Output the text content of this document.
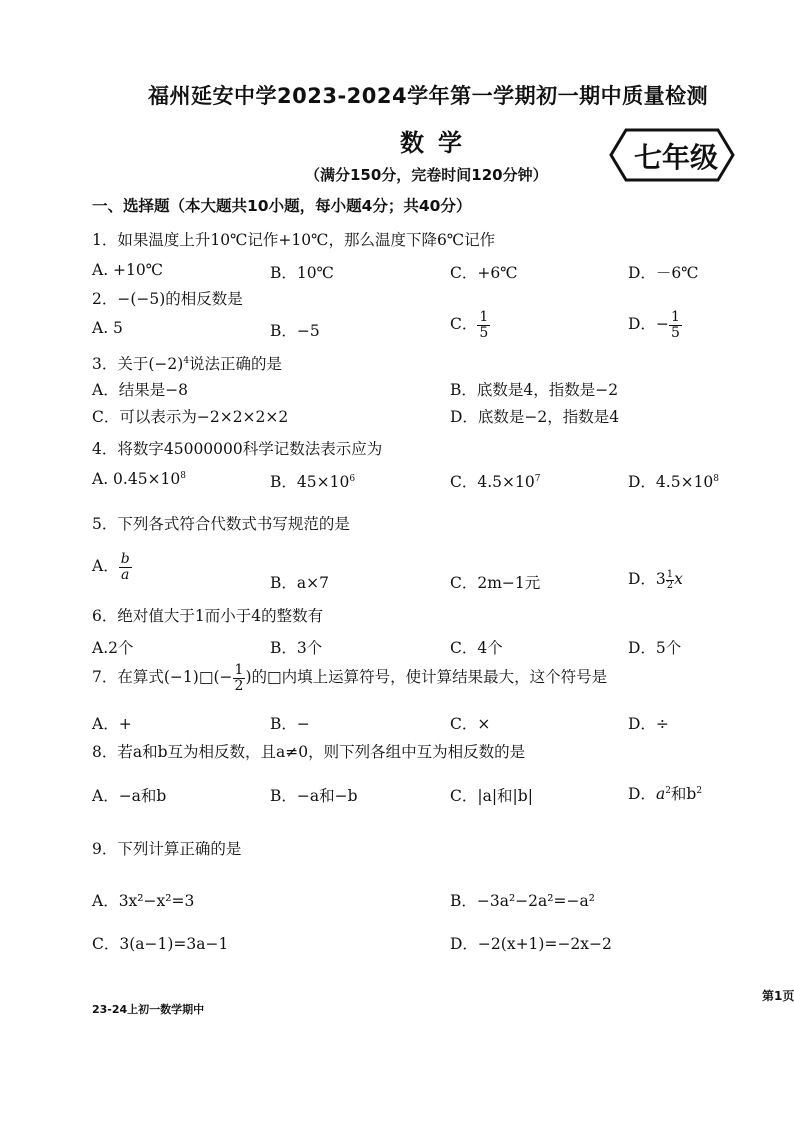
福州延安中学2023-2024学年第一学期初一期中质量检测
数学
（满分150分，完卷时间120分钟）
七年级
一、选择题（本大题共10小题，每小题4分；共40分）
1．如果温度上升10℃记作+10℃，那么温度下降6℃记作
A. +10℃	B．10℃	C．+6℃	D．－6℃
2．−(−5)的相反数是
A. 5	B．−5	C． $\frac{1}{5}$	D．− $\frac{1}{5}$
3．关于$(-2)^4$说法正确的是
A．结果是−8	B．底数是4，指数是−2
C．可以表示为−2×2×2×2	D．底数是−2，指数是4
4．将数字45000000科学记数法表示应为
A. $0.45\times 10^8$	B．$45\times 10^6$	C．$4.5\times 10^7$	D．$4.5\times 10^8$
5．下列各式符合代数式书写规范的是
A． $\frac{b}{a}$
B．a×7	C．2m−1元	D．$3 \frac{1}{2}$ x
6．绝对值大于1而小于4的整数有
A.2个	B．3个	C．4个	D．5个
7．在算式(−1)□(− $\frac{1}{2}$ )的□内填上运算符号，使计算结果最大，这个符号是
A．+	B．−	C．×	D．÷
8．若a和b互为相反数，且a≠0，则下列各组中互为相反数的是
A．−a和b	B．−a和−b	C．|a|和|b|	D．$a^2$和$b^2$
9．下列计算正确的是
A．3x²−x²=3	B．−3a²−2a²=−a²
C．3(a−1)=3a−1	D．−2(x+1)=−2x−2
23-24上初一数学期中
第1页
